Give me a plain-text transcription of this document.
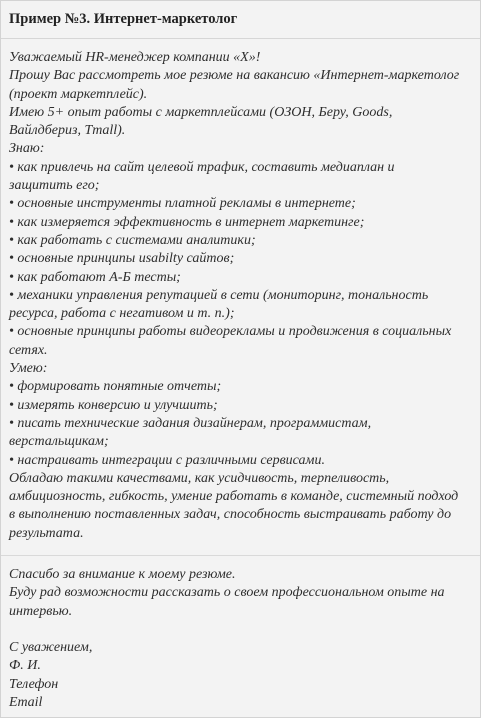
Пример №3. Интернет-маркетолог
Уважаемый HR-менеджер компании «Х»!
Прошу Вас рассмотреть мое резюме на вакансию «Интернет-маркетолог
(проект маркетплейс).
Имею 5+ опыт работы с маркетплейсами (ОЗОН, Беру, Goods,
Вайлдбериз, Tmall).
Знаю:
• как привлечь на сайт целевой трафик, составить медиаплан и
защитить его;
• основные инструменты платной рекламы в интернете;
• как измеряется эффективность в интернет маркетинге;
• как работать с системами аналитики;
• основные принципы usabilty сайтов;
• как работают А-Б тесты;
• механики управления репутацией в сети (мониторинг, тональность
ресурса, работа с негативом и т. п.);
• основные принципы работы видеорекламы и продвижения в социальных
сетях.
Умею:
• формировать понятные отчеты;
• измерять конверсию и улучшить;
• писать технические задания дизайнерам, программистам,
верстальщикам;
• настраивать интеграции с различными сервисами.
Обладаю такими качествами, как усидчивость, терпеливость,
амбициозность, гибкость, умение работать в команде, системный подход
в выполнению поставленных задач, способность выстраивать работу до
результата.
Спасибо за внимание к моему резюме.
Буду рад возможности рассказать о своем профессиональном опыте на
интервью.
С уважением,
Ф. И.
Телефон
Email
